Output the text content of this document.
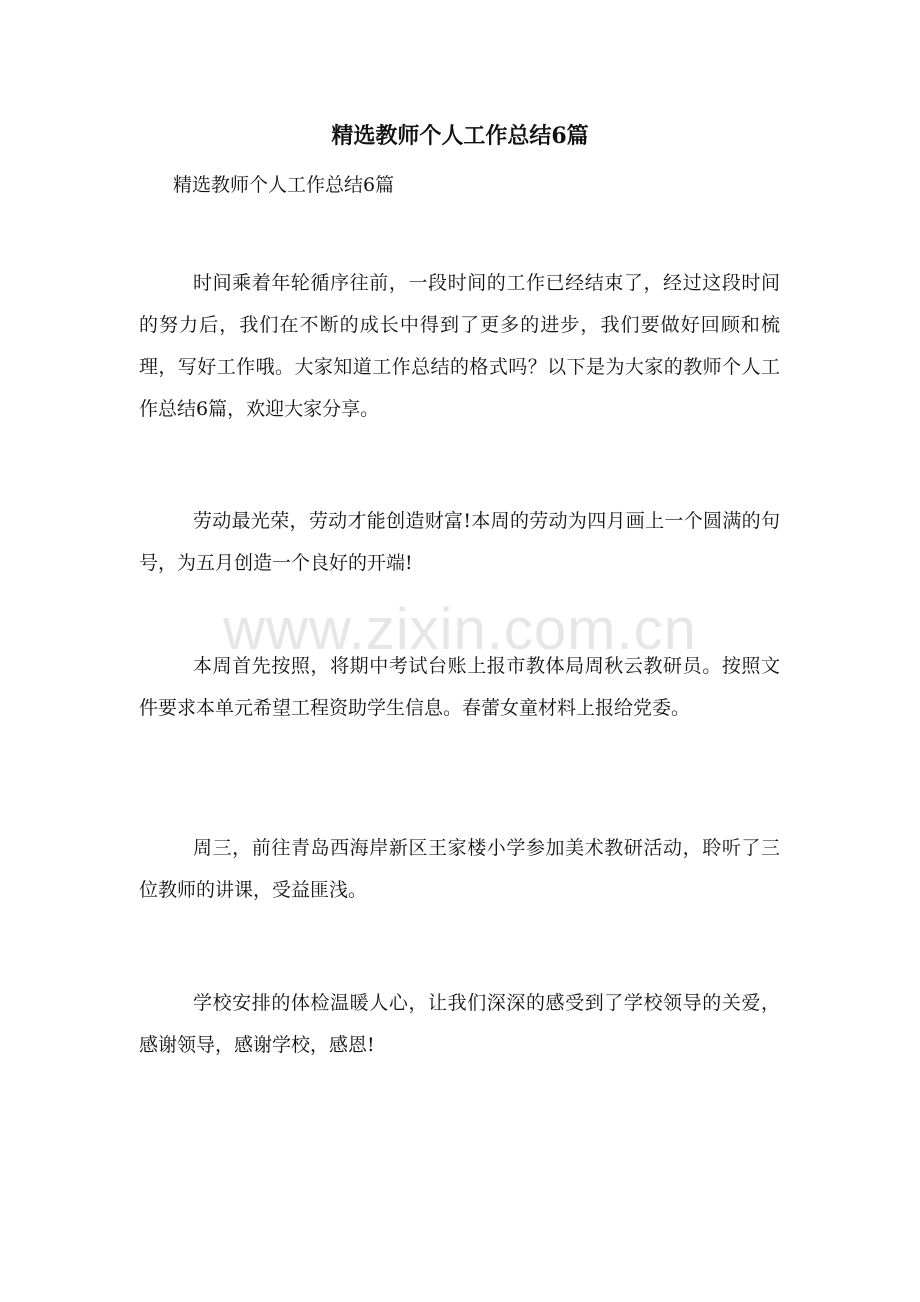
精选教师个人工作总结6篇

精选教师个人工作总结6篇

时间乘着年轮循序往前，一段时间的工作已经结束了，经过这段时间的努力后，我们在不断的成长中得到了更多的进步，我们要做好回顾和梳理，写好工作哦。大家知道工作总结的格式吗？以下是为大家的教师个人工作总结6篇，欢迎大家分享。

劳动最光荣，劳动才能创造财富!本周的劳动为四月画上一个圆满的句号，为五月创造一个良好的开端!

本周首先按照，将期中考试台账上报市教体局周秋云教研员。按照文件要求本单元希望工程资助学生信息。春蕾女童材料上报给党委。

周三，前往青岛西海岸新区王家楼小学参加美术教研活动，聆听了三位教师的讲课，受益匪浅。

学校安排的体检温暖人心，让我们深深的感受到了学校领导的关爱，感谢领导，感谢学校，感恩!

www.zixin.com.cn
